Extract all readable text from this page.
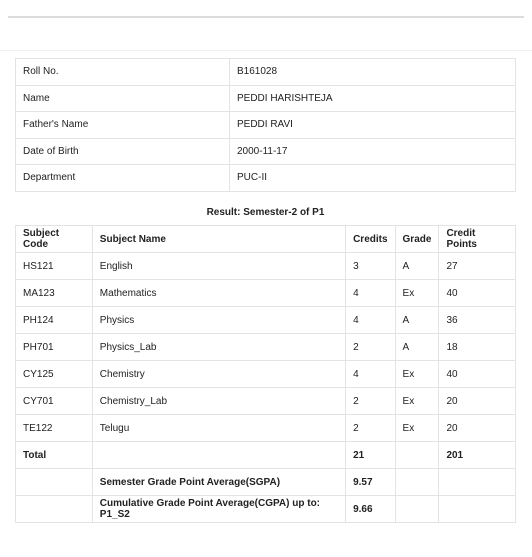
Roll No.	B161028
Name	PEDDI HARISHTEJA
Father's Name	PEDDI RAVI
Date of Birth	2000-11-17
Department	PUC-II
Result: Semester-2 of P1
Subject Code	Subject Name	Credits	Grade	Credit Points
HS121	English	3	A	27
MA123	Mathematics	4	Ex	40
PH124	Physics	4	A	36
PH701	Physics_Lab	2	A	18
CY125	Chemistry	4	Ex	40
CY701	Chemistry_Lab	2	Ex	20
TE122	Telugu	2	Ex	20
Total		21		201
	Semester Grade Point Average(SGPA)	9.57		
	Cumulative Grade Point Average(CGPA) up to: P1_S2	9.66		
